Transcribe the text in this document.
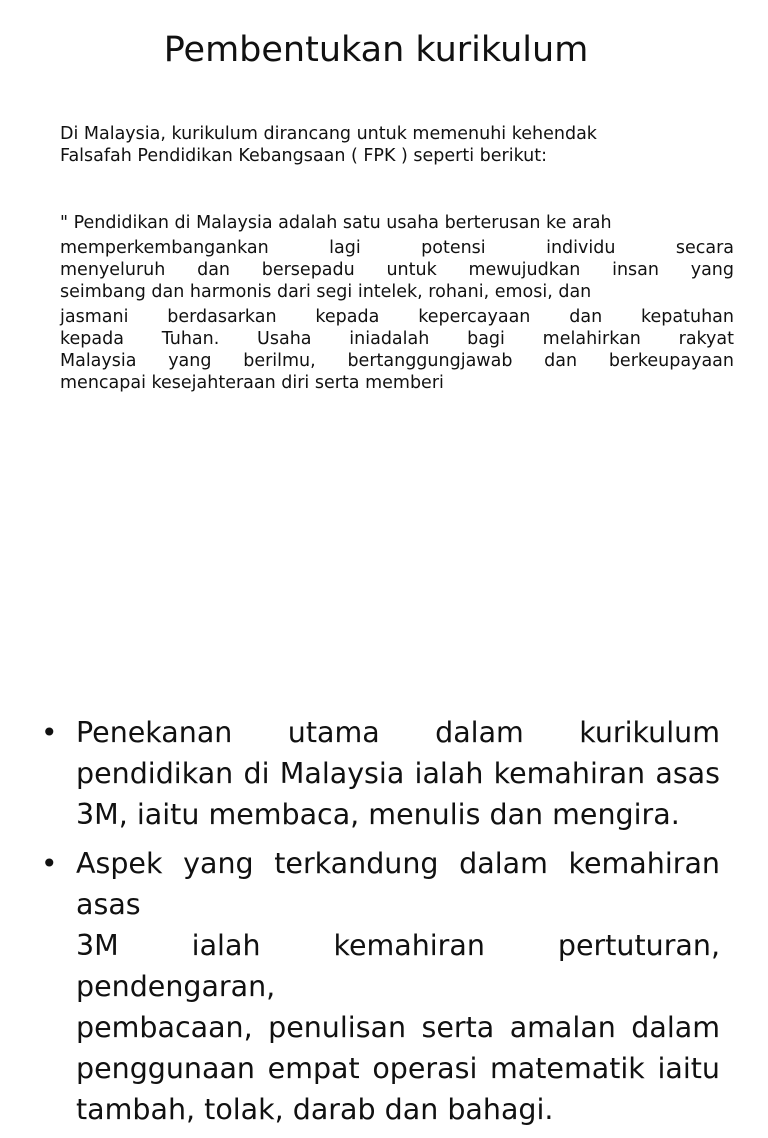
Pembentukan kurikulum
Di Malaysia, kurikulum dirancang untuk memenuhi kehendak
Falsafah Pendidikan Kebangsaan ( FPK ) seperti berikut:
" Pendidikan di Malaysia adalah satu usaha berterusan ke arah
memperkembangankan lagi potensi individu secara
menyeluruh dan bersepadu untuk mewujudkan insan yang
seimbang dan harmonis dari segi intelek, rohani, emosi, dan
jasmani berdasarkan kepada kepercayaan dan kepatuhan
kepada Tuhan. Usaha iniadalah bagi melahirkan rakyat
Malaysia yang berilmu, bertanggungjawab dan berkeupayaan
mencapai kesejahteraan diri serta memberi
• Penekanan utama dalam kurikulum
pendidikan di Malaysia ialah kemahiran asas
3M, iaitu membaca, menulis dan mengira.
• Aspek yang terkandung dalam kemahiran asas
3M ialah kemahiran pertuturan, pendengaran,
pembacaan, penulisan serta amalan dalam
penggunaan empat operasi matematik iaitu
tambah, tolak, darab dan bahagi.
